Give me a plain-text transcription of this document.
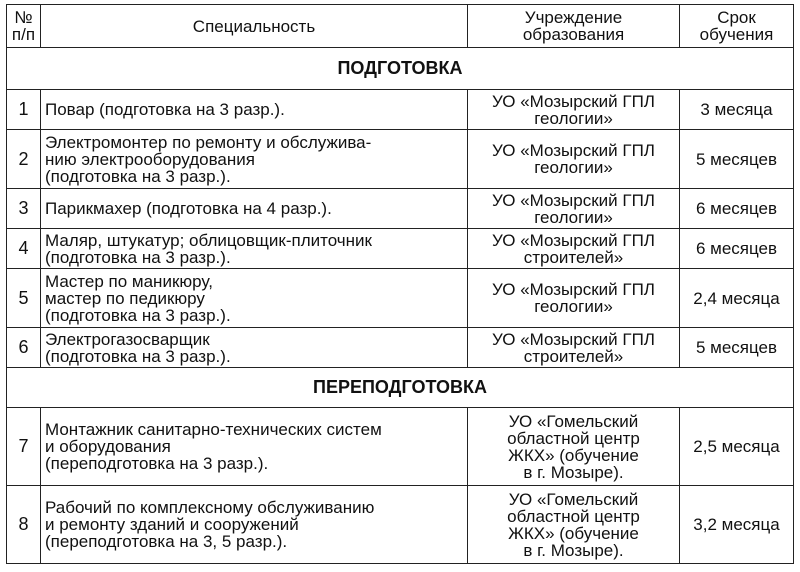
№
п/п	Специальность	Учреждение
образования	Срок
обучения
ПОДГОТОВКА			
1	Повар (подготовка на 3 разр.).	УО «Мозырский ГПЛ
геологии»	3 месяца
2	Электромонтер по ремонту и обслужива-
нию электрооборудования
(подготовка на 3 разр.).	УО «Мозырский ГПЛ
геологии»	5 месяцев
3	Парикмахер (подготовка на 4 разр.).	УО «Мозырский ГПЛ
геологии»	6 месяцев
4	Маляр, штукатур; облицовщик-плиточник
(подготовка на 3 разр.).	УО «Мозырский ГПЛ
строителей»	6 месяцев
5	Мастер по маникюру,
мастер по педикюру
(подготовка на 3 разр.).	УО «Мозырский ГПЛ
геологии»	2,4 месяца
6	Электрогазосварщик
(подготовка на 3 разр.).	УО «Мозырский ГПЛ
строителей»	5 месяцев
ПЕРЕПОДГОТОВКА			
7	Монтажник санитарно-технических систем
и оборудования
(переподготовка на 3 разр.).	УО «Гомельский
областной центр
ЖКХ» (обучение
в г. Мозыре).	2,5 месяца
8	Рабочий по комплексному обслуживанию
и ремонту зданий и сооружений
(переподготовка на 3, 5 разр.).	УО «Гомельский
областной центр
ЖКХ» (обучение
в г. Мозыре).	3,2 месяца
